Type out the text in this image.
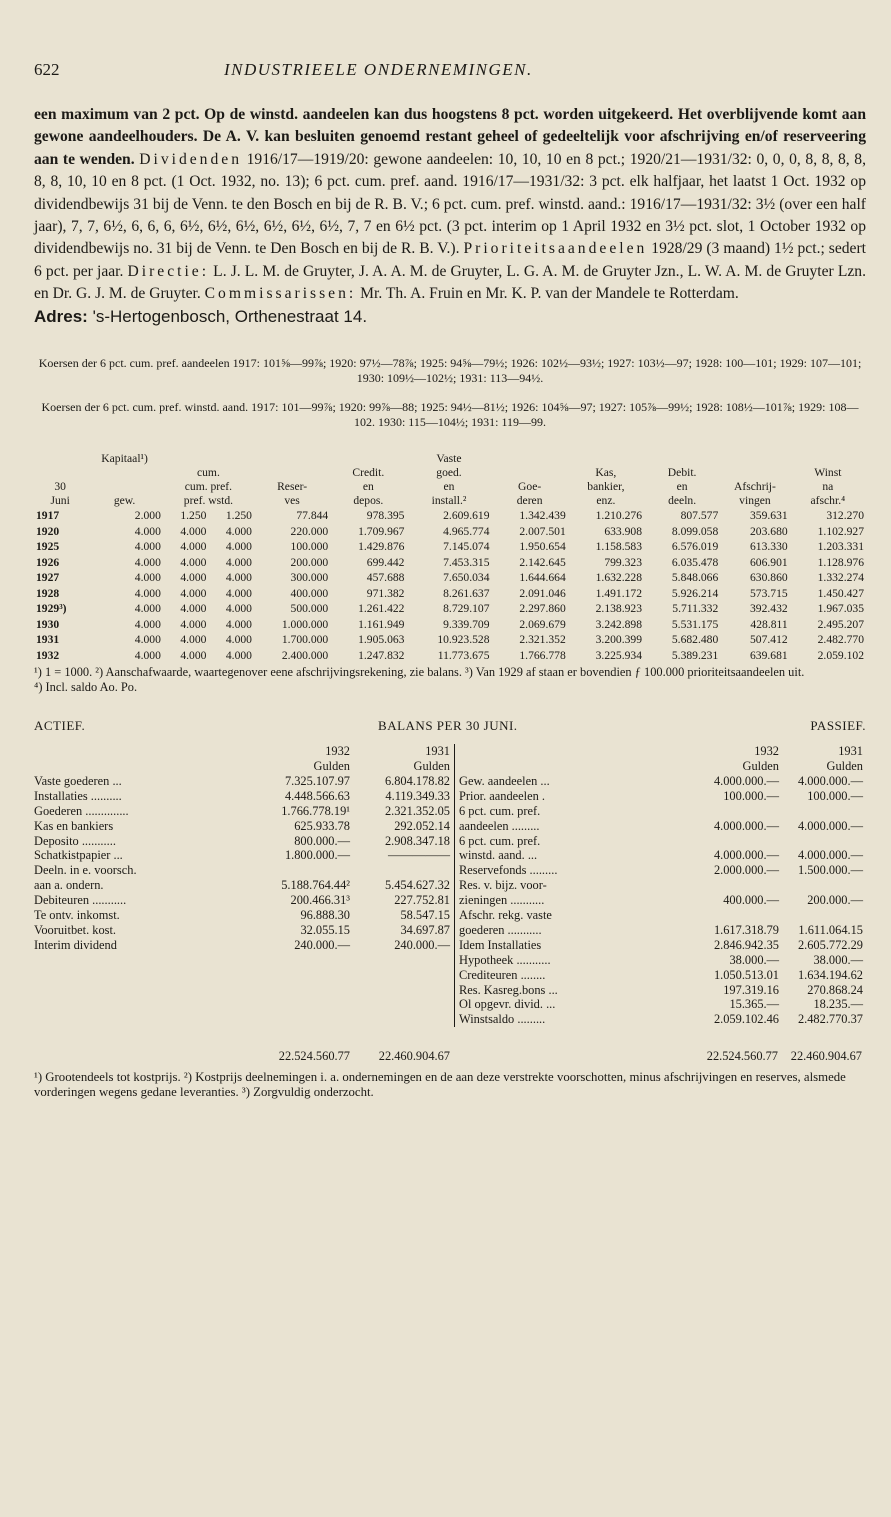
622	INDUSTRIEELE ONDERNEMINGEN.

een maximum van 2 pct. Op de winstd. aandeelen kan dus hoogstens 8 pct. worden uitgekeerd. Het overblijvende komt aan gewone aandeelhouders. De A. V. kan besluiten genoemd restant geheel of gedeeltelijk voor afschrijving en/of reserveering aan te wenden. Dividenden 1916/17—1919/20: gewone aandeelen: 10, 10, 10 en 8 pct.; 1920/21—1931/32: 0, 0, 0, 8, 8, 8, 8, 8, 8, 10, 10 en 8 pct. (1 Oct. 1932, no. 13); 6 pct. cum. pref. aand. 1916/17—1931/32: 3 pct. elk halfjaar, het laatst 1 Oct. 1932 op dividendbewijs 31 bij de Venn. te den Bosch en bij de R. B. V.; 6 pct. cum. pref. winstd. aand.: 1916/17—1931/32: 3½ (over een half jaar), 7, 7, 6½, 6, 6, 6, 6½, 6½, 6½, 6½, 6½, 6½, 7, 7 en 6½ pct. (3 pct. interim op 1 April 1932 en 3½ pct. slot, 1 October 1932 op dividendbewijs no. 31 bij de Venn. te Den Bosch en bij de R. B. V.). Prioriteitsaandeelen 1928/29 (3 maand) 1½ pct.; sedert 6 pct. per jaar. Directie: L. J. L. M. de Gruyter, J. A. A. M. de Gruyter, L. G. A. M. de Gruyter Jzn., L. W. A. M. de Gruyter Lzn. en Dr. G. J. M. de Gruyter. Commissarissen: Mr. Th. A. Fruin en Mr. K. P. van der Mandele te Rotterdam.

Adres: 's-Hertogenbosch, Orthenestraat 14.

Koersen der 6 pct. cum. pref. aandeelen 1917: 101⅝—99⅞; 1920: 97½—78⅞; 1925: 94⅝—79½; 1926: 102½—93½; 1927: 103½—97; 1928: 100—101; 1929: 107—101; 1930: 109½—102½; 1931: 113—94½.

Koersen der 6 pct. cum. pref. winstd. aand. 1917: 101—99⅞; 1920: 99⅞—88; 1925: 94½—81½; 1926: 104⅝—97; 1927: 105⅞—99½; 1928: 108½—101⅞; 1929: 108—102. 1930: 115—104½; 1931: 119—99.

	Kapitaal¹)					Vaste					
		cum.			Credit.	goed.		Kas,	Debit.		Winst
30		cum. pref.		Reser-	en	en	Goe-	bankier,	en	Afschrij-	na
Juni	gew.	pref. wstd.		ves	depos.	install.²	deren	enz.	deeln.	vingen	afschr.⁴
1917	2.000	1.250	1.250	77.844	978.395	2.609.619	1.342.439	1.210.276	807.577	359.631	312.270
1920	4.000	4.000	4.000	220.000	1.709.967	4.965.774	2.007.501	633.908	8.099.058	203.680	1.102.927
1925	4.000	4.000	4.000	100.000	1.429.876	7.145.074	1.950.654	1.158.583	6.576.019	613.330	1.203.331
1926	4.000	4.000	4.000	200.000	699.442	7.453.315	2.142.645	799.323	6.035.478	606.901	1.128.976
1927	4.000	4.000	4.000	300.000	457.688	7.650.034	1.644.664	1.632.228	5.848.066	630.860	1.332.274
1928	4.000	4.000	4.000	400.000	971.382	8.261.637	2.091.046	1.491.172	5.926.214	573.715	1.450.427
1929³)	4.000	4.000	4.000	500.000	1.261.422	8.729.107	2.297.860	2.138.923	5.711.332	392.432	1.967.035
1930	4.000	4.000	4.000	1.000.000	1.161.949	9.339.709	2.069.679	3.242.898	5.531.175	428.811	2.495.207
1931	4.000	4.000	4.000	1.700.000	1.905.063	10.923.528	2.321.352	3.200.399	5.682.480	507.412	2.482.770
1932	4.000	4.000	4.000	2.400.000	1.247.832	11.773.675	1.766.778	3.225.934	5.389.231	639.681	2.059.102

¹) 1 = 1000. ²) Aanschafwaarde, waartegenover eene afschrijvingsrekening, zie balans. ³) Van 1929 af staan er bovendien ƒ 100.000 prioriteitsaandeelen uit.

⁴) Incl. saldo Ao. Po.

ACTIEF.	BALANS PER 30 JUNI.	PASSIEF.
1932	1931
Gulden	Gulden
Vaste goederen ...	7.325.107.97	6.804.178.82
Installaties ..........	4.448.566.63	4.119.349.33
Goederen ..............	1.766.778.19¹	2.321.352.05
Kas en bankiers	625.933.78	292.052.14
Deposito ...........	800.000.—	2.908.347.18
Schatkistpapier ...	1.800.000.—	—————
Deeln. in e. voorsch.
aan a. ondern.	5.188.764.44²	5.454.627.32
Debiteuren ...........	200.466.31³	227.752.81
Te ontv. inkomst.	96.888.30	58.547.15
Vooruitbet. kost.	32.055.15	34.697.87
Interim dividend	240.000.—	240.000.—
1932	1931
Gulden	Gulden
Gew. aandeelen ...	4.000.000.—	4.000.000.—
Prior. aandeelen .	100.000.—	100.000.—
6 pct. cum. pref.
aandeelen .........	4.000.000.—	4.000.000.—
6 pct. cum. pref.
winstd. aand. ...	4.000.000.—	4.000.000.—
Reservefonds .........	2.000.000.—	1.500.000.—
Res. v. bijz. voor-
zieningen ...........	400.000.—	200.000.—
Afschr. rekg. vaste
goederen ...........	1.617.318.79	1.611.064.15
Idem Installaties	2.846.942.35	2.605.772.29
Hypotheek ...........	38.000.—	38.000.—
Crediteuren ........	1.050.513.01	1.634.194.62
Res. Kasreg.bons ...	197.319.16	270.868.24
Ol opgevr. divid. ...	15.365.—	18.235.—
Winstsaldo .........	2.059.102.46	2.482.770.37
22.524.560.77	22.460.904.67	22.524.560.77	22.460.904.67

¹) Grootendeels tot kostprijs. ²) Kostprijs deelnemingen i. a. ondernemingen en de aan deze verstrekte voorschotten, minus afschrijvingen en reserves, alsmede vorderingen wegens gedane leveranties. ³) Zorgvuldig onderzocht.
